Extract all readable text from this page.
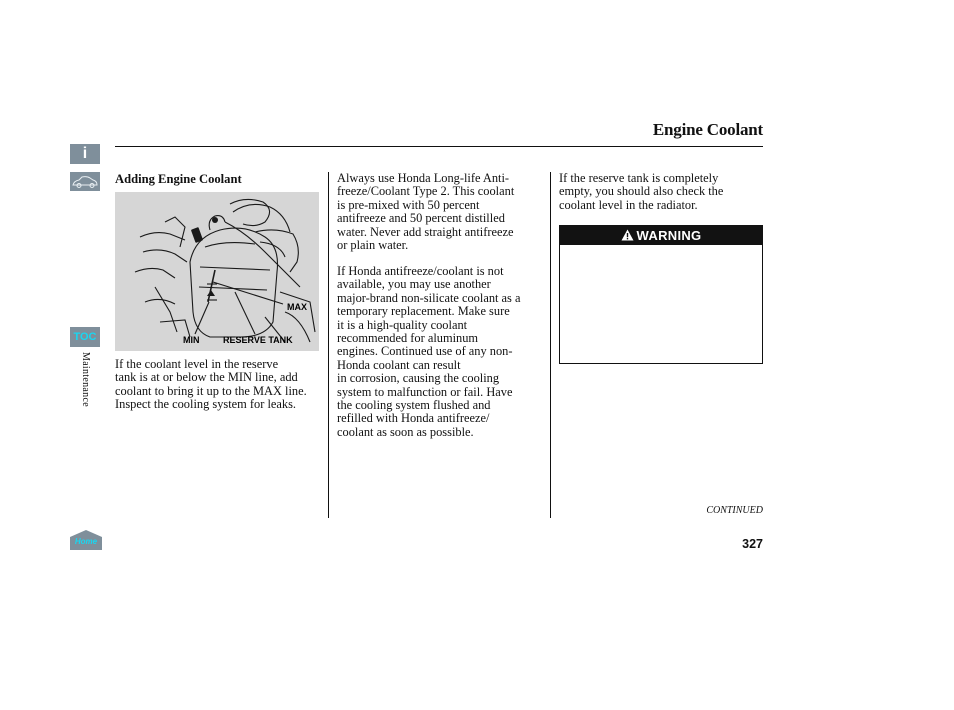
i
TOC
Maintenance
Home
Engine Coolant
Adding Engine Coolant
MAX
MIN	RESERVE TANK

If the coolant level in the reserve

tank is at or below the MIN line, add

coolant to bring it up to the MAX line.

Inspect the cooling system for leaks.

Always use Honda Long-life Anti-

freeze/Coolant Type 2. This coolant

is pre-mixed with 50 percent

antifreeze and 50 percent distilled

water. Never add straight antifreeze

or plain water.

If Honda antifreeze/coolant is not

available, you may use another

major-brand non-silicate coolant as a

temporary replacement. Make sure

it is a high-quality coolant

recommended for aluminum

engines. Continued use of any non-

Honda coolant can result

in corrosion, causing the cooling

system to malfunction or fail. Have

the cooling system flushed and

refilled with Honda antifreeze/

coolant as soon as possible.

If the reserve tank is completely

empty, you should also check the

coolant level in the radiator.

WARNING
CONTINUED
327
